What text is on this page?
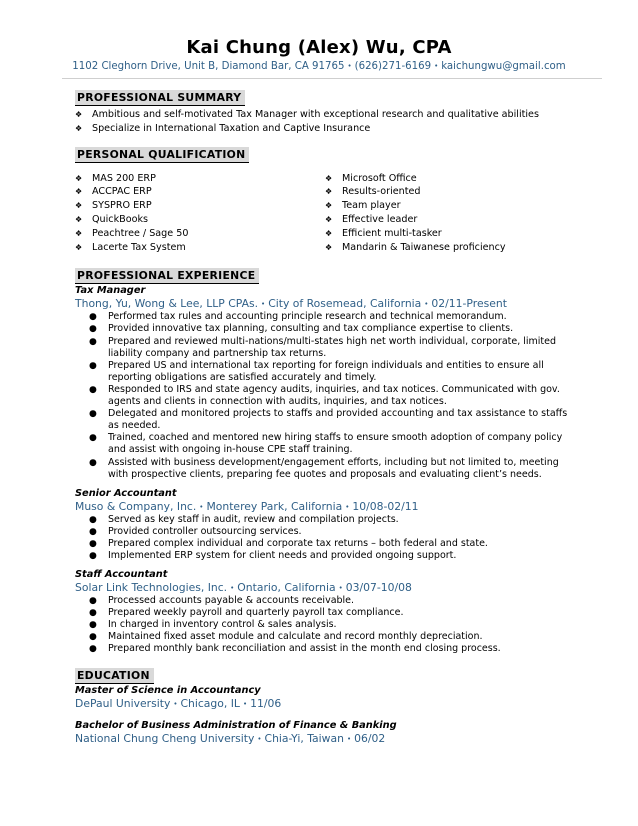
Kai Chung (Alex) Wu, CPA
1102 Cleghorn Drive, Unit B, Diamond Bar, CA 91765 • (626)271-6169 • kaichungwu@gmail.com
PROFESSIONAL SUMMARY
❖ Ambitious and self-motivated Tax Manager with exceptional research and qualitative abilities
❖ Specialize in International Taxation and Captive Insurance
PERSONAL QUALIFICATION
❖ MAS 200 ERP
❖ ACCPAC ERP
❖ SYSPRO ERP
❖ QuickBooks
❖ Peachtree / Sage 50
❖ Lacerte Tax System
❖ Microsoft Office
❖ Results-oriented
❖ Team player
❖ Effective leader
❖ Efficient multi-tasker
❖ Mandarin & Taiwanese proficiency
PROFESSIONAL EXPERIENCE
Tax Manager
Thong, Yu, Wong & Lee, LLP CPAs. • City of Rosemead, California • 02/11-Present
● Performed tax rules and accounting principle research and technical memorandum.
● Provided innovative tax planning, consulting and tax compliance expertise to clients.
● Prepared and reviewed multi-nations/multi-states high net worth individual, corporate, limited liability company and partnership tax returns.
● Prepared US and international tax reporting for foreign individuals and entities to ensure all reporting obligations are satisfied accurately and timely.
● Responded to IRS and state agency audits, inquiries, and tax notices. Communicated with gov. agents and clients in connection with audits, inquiries, and tax notices.
● Delegated and monitored projects to staffs and provided accounting and tax assistance to staffs as needed.
● Trained, coached and mentored new hiring staffs to ensure smooth adoption of company policy and assist with ongoing in-house CPE staff training.
● Assisted with business development/engagement efforts, including but not limited to, meeting with prospective clients, preparing fee quotes and proposals and evaluating client’s needs.
Senior Accountant
Muso & Company, Inc. • Monterey Park, California • 10/08-02/11
● Served as key staff in audit, review and compilation projects.
● Provided controller outsourcing services.
● Prepared complex individual and corporate tax returns – both federal and state.
● Implemented ERP system for client needs and provided ongoing support.
Staff Accountant
Solar Link Technologies, Inc. • Ontario, California • 03/07-10/08
● Processed accounts payable & accounts receivable.
● Prepared weekly payroll and quarterly payroll tax compliance.
● In charged in inventory control & sales analysis.
● Maintained fixed asset module and calculate and record monthly depreciation.
● Prepared monthly bank reconciliation and assist in the month end closing process.
EDUCATION
Master of Science in Accountancy
DePaul University • Chicago, IL • 11/06
Bachelor of Business Administration of Finance & Banking
National Chung Cheng University • Chia-Yi, Taiwan • 06/02
